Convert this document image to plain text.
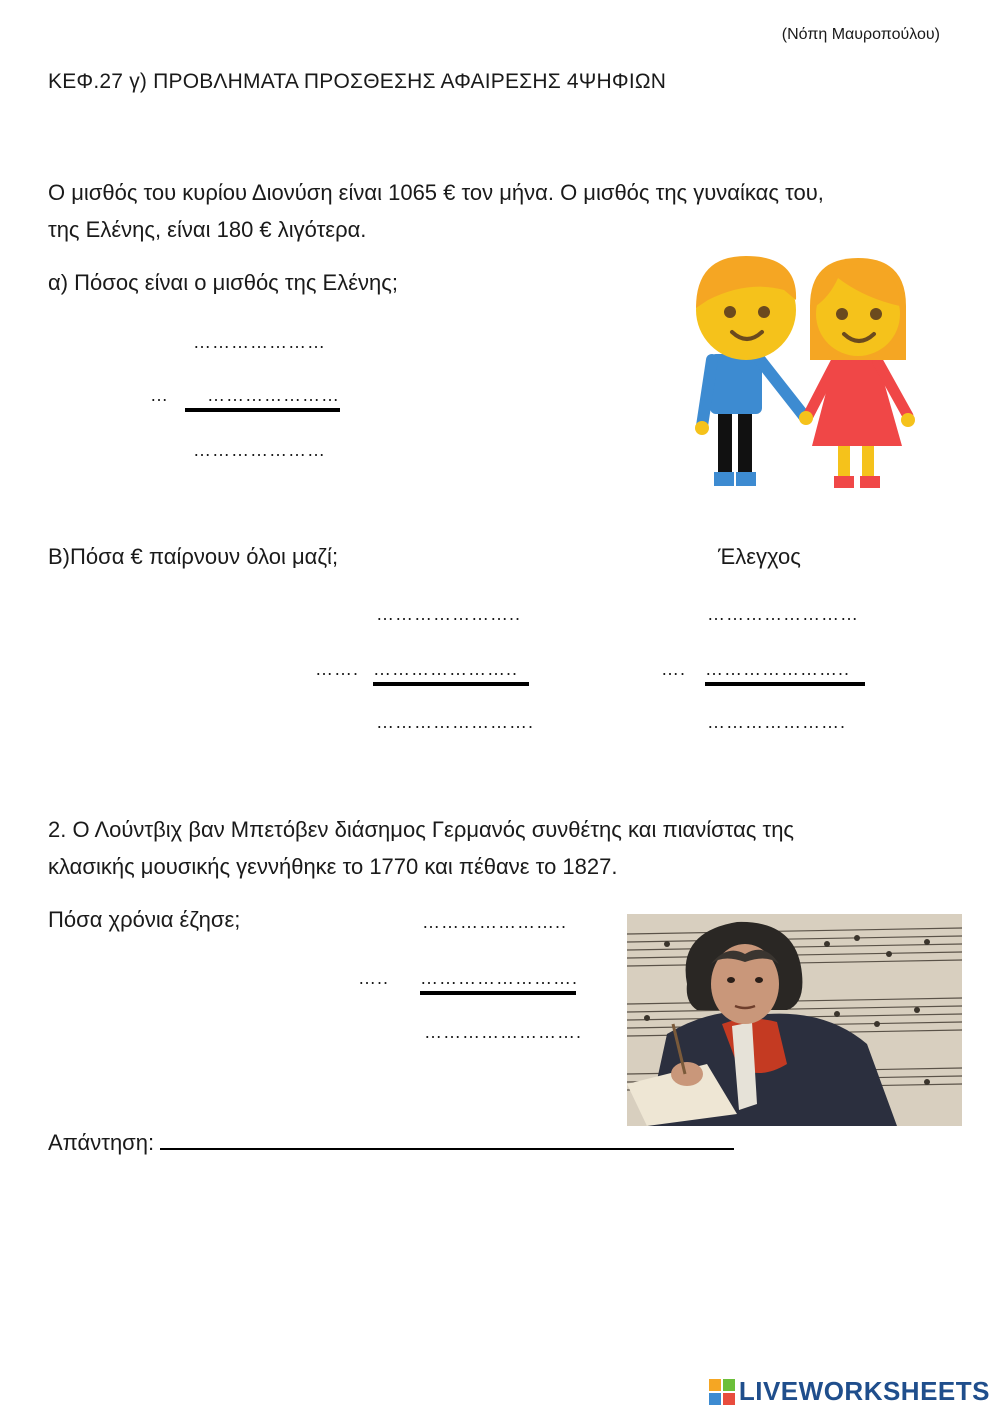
(Νόπη Μαυροπούλου)
ΚΕΦ.27 γ) ΠΡΟΒΛΗΜΑΤΑ ΠΡΟΣΘΕΣΗΣ ΑΦΑΙΡΕΣΗΣ 4ΨΗΦΙΩΝ
Ο μισθός του κυρίου Διονύση είναι 1065 € τον μήνα. Ο μισθός της γυναίκας του,
της Ελένης, είναι 180 € λιγότερα.
α) Πόσος είναι ο μισθός της Ελένης;
…………………
…	…………………
…………………
Β)Πόσα € παίρνουν όλοι μαζί;	Έλεγχος
…………………..
……. …………………..
…………………….
……………………
…. …………………..
………………….
2. Ο Λούντβιχ βαν Μπετόβεν διάσημος Γερμανός συνθέτης και πιανίστας της
κλασικής μουσικής γεννήθηκε το 1770 και πέθανε το 1827.
Πόσα χρόνια έζησε;	…………………..
….. …………………….
…………………….
Απάντηση:
LIVEWORKSHEETS
